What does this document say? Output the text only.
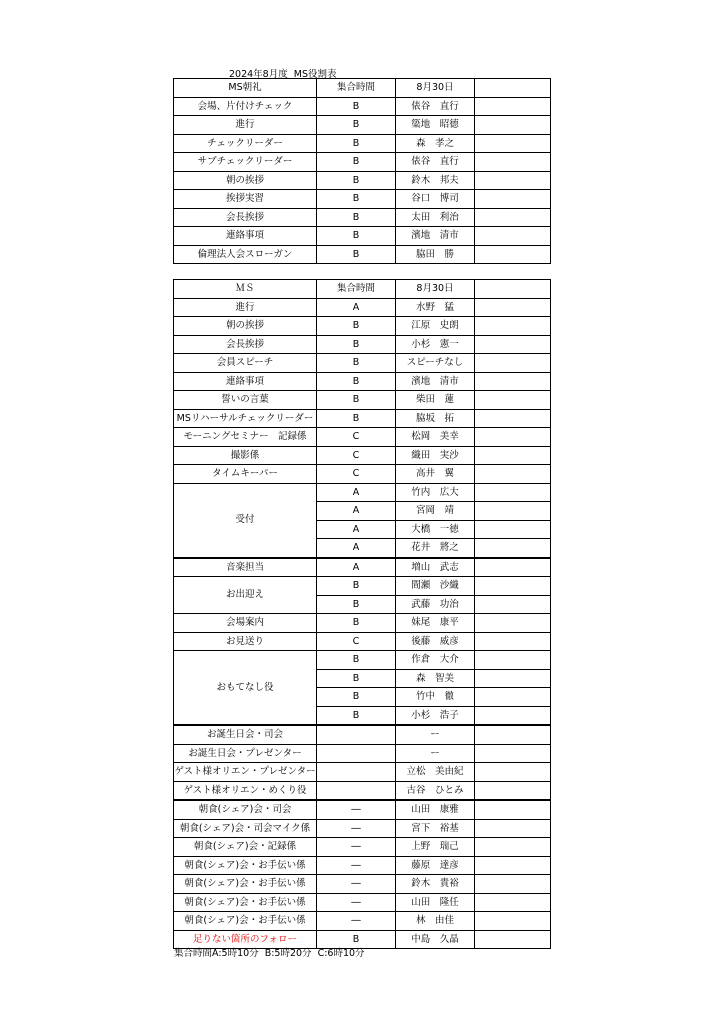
2024年8月度  MS役割表
MS朝礼	集合時間	8月30日	
会場、片付けチェック	B	俵谷　直行	
進行	B	簗地　昭德	
チェックリーダー	B	森　孝之	
サブチェックリーダー	B	俵谷　直行	
朝の挨拶	B	鈴木　邦夫	
挨拶実習	B	谷口　博司	
会長挨拶	B	太田　利治	
連絡事項	B	濱地　清市	
倫理法人会スローガン	B	脇田　勝	
ＭＳ	集合時間	8月30日	
進行	A	水野　猛	
朝の挨拶	B	江原　史朗	
会長挨拶	B	小杉　憲一	
会員スピーチ	B	スピーチなし	
連絡事項	B	濱地　清市	
誓いの言葉	B	柴田　蓮	
MSリハーサルチェックリーダー	B	脇坂　拓	
モーニングセミナー　記録係	C	松岡　美幸	
撮影係	C	織田　実沙	
タイムキーパー	C	高井　翼	
受付	A	竹内　広大	
	A	宮岡　靖	
	A	大橋　一徳	
	A	花井　將之	
音楽担当	A	増山　武志	
お出迎え	B	間瀬　沙織	
	B	武藤　功治	
会場案内	B	妹尾　康平	
お見送り	C	後藤　威彦	
おもてなし役	B	作倉　大介	
	B	森　智美	
	B	竹中　徹	
	B	小杉　浩子	
お誕生日会・司会		ー	
お誕生日会・プレゼンター		ー	
ゲスト様オリエン・プレゼンター		立松　美由紀	
ゲスト様オリエン・めくり役		古谷　ひとみ	
朝食(シェア)会・司会	―	山田　康雅	
朝食(シェア)会・司会マイク係	―	宮下　裕基	
朝食(シェア)会・記録係	―	上野　瑞己	
朝食(シェア)会・お手伝い係	―	藤原　達彦	
朝食(シェア)会・お手伝い係	―	鈴木　貴裕	
朝食(シェア)会・お手伝い係	―	山田　隆任	
朝食(シェア)会・お手伝い係	―	林　由佳	
足りない箇所のフォロー	B	中島　久晶	
集合時間A:5時10分  B:5時20分  C:6時10分
